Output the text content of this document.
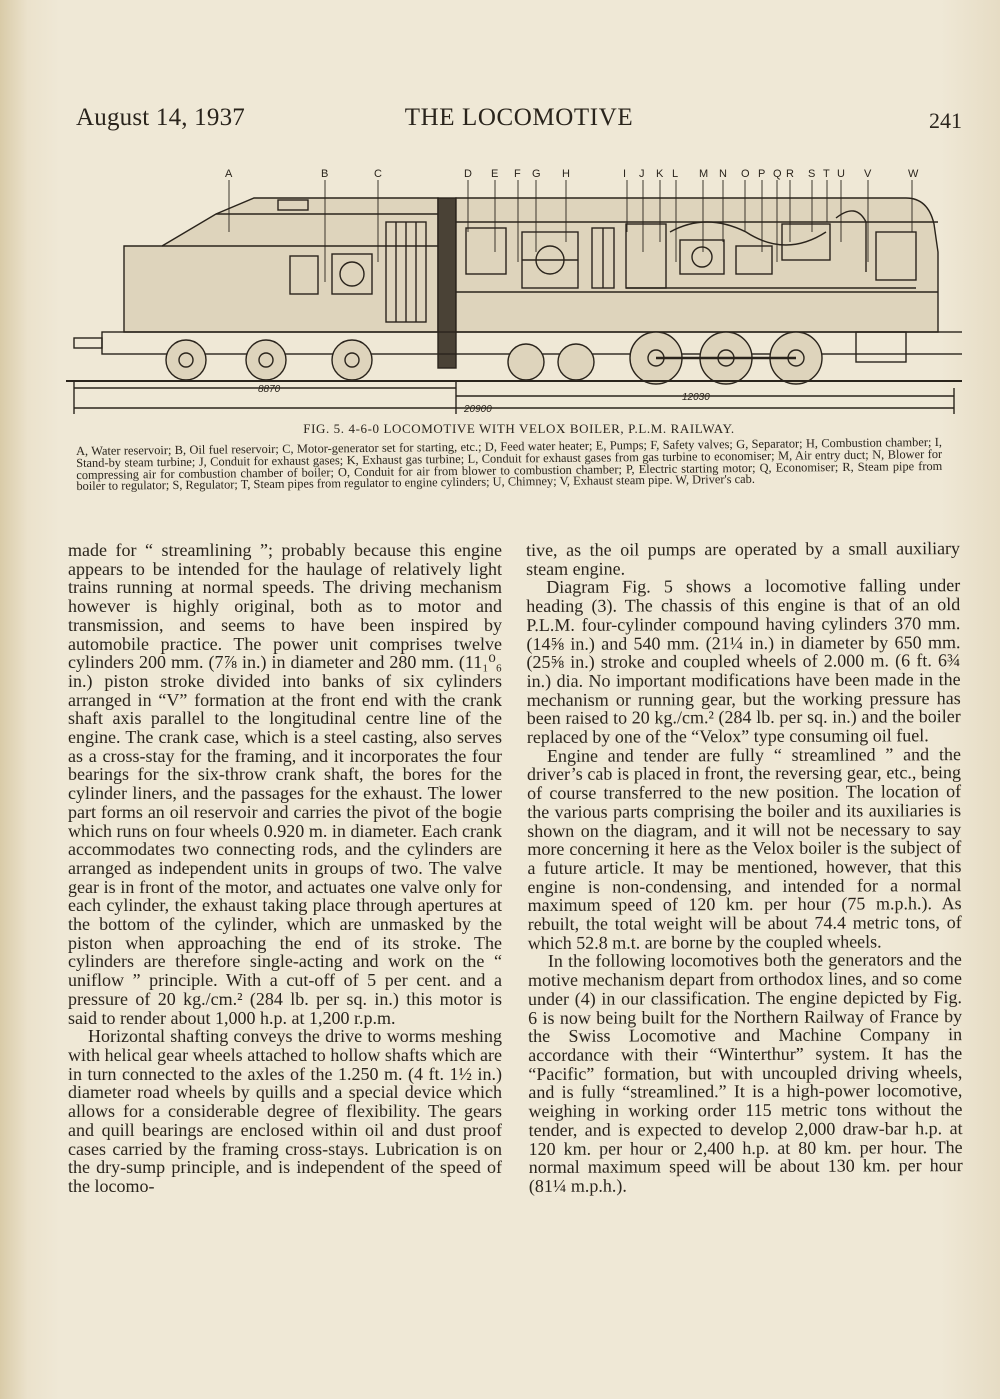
August 14, 1937	THE LOCOMOTIVE	241
A	B	C	D E F G H	I J K L M N O P Q R S T U V	W
8870
12030
20900
FIG. 5. 4-6-0 LOCOMOTIVE WITH VELOX BOILER, P.L.M. RAILWAY.
A, Water reservoir; B, Oil fuel reservoir; C, Motor-generator set for starting, etc.; D, Feed water heater; E, Pumps; F, Safety valves; G, Separator; H, Combustion chamber; I, Stand-by steam turbine; J, Conduit for exhaust gases; K, Exhaust gas turbine; L, Conduit for exhaust gases from gas turbine to economiser; M, Air entry duct; N, Blower for compressing air for combustion chamber of boiler; O, Conduit for air from blower to combustion chamber; P, Electric starting motor; Q, Economiser; R, Steam pipe from boiler to regulator; S, Regulator; T, Steam pipes from regulator to engine cylinders; U, Chimney; V, Exhaust steam pipe. W, Driver's cab.

made for “ streamlining ”; probably because this engine appears to be intended for the haulage of relatively light trains running at normal speeds. The driving mechanism however is highly original, both as to motor and transmission, and seems to have been inspired by automobile practice. The power unit comprises twelve cylinders 200 mm. (7⅞ in.) in diameter and 280 mm. (11₁⁰₆ in.) piston stroke divided into banks of six cylinders arranged in “V” formation at the front end with the crank shaft axis parallel to the longitudinal centre line of the engine. The crank case, which is a steel casting, also serves as a cross-stay for the framing, and it incorporates the four bearings for the six-throw crank shaft, the bores for the cylinder liners, and the passages for the exhaust. The lower part forms an oil reservoir and carries the pivot of the bogie which runs on four wheels 0.920 m. in diameter. Each crank accommodates two connecting rods, and the cylinders are arranged as independent units in groups of two. The valve gear is in front of the motor, and actuates one valve only for each cylinder, the exhaust taking place through apertures at the bottom of the cylinder, which are unmasked by the piston when approaching the end of its stroke. The cylinders are therefore single-acting and work on the “ uniflow ” principle. With a cut-off of 5 per cent. and a pressure of 20 kg./cm.² (284 lb. per sq. in.) this motor is said to render about 1,000 h.p. at 1,200 r.p.m.

Horizontal shafting conveys the drive to worms meshing with helical gear wheels attached to hollow shafts which are in turn connected to the axles of the 1.250 m. (4 ft. 1½ in.) diameter road wheels by quills and a special device which allows for a considerable degree of flexibility. The gears and quill bearings are enclosed within oil and dust proof cases carried by the framing cross-stays. Lubrication is on the dry-sump principle, and is independent of the speed of the locomo-

tive, as the oil pumps are operated by a small auxiliary steam engine.

Diagram Fig. 5 shows a locomotive falling under heading (3). The chassis of this engine is that of an old P.L.M. four-cylinder compound having cylinders 370 mm. (14⅝ in.) and 540 mm. (21¼ in.) in diameter by 650 mm. (25⅝ in.) stroke and coupled wheels of 2.000 m. (6 ft. 6¾ in.) dia. No important modifications have been made in the mechanism or running gear, but the working pressure has been raised to 20 kg./cm.² (284 lb. per sq. in.) and the boiler replaced by one of the “Velox” type consuming oil fuel.

Engine and tender are fully “ streamlined ” and the driver’s cab is placed in front, the reversing gear, etc., being of course transferred to the new position. The location of the various parts comprising the boiler and its auxiliaries is shown on the diagram, and it will not be necessary to say more concerning it here as the Velox boiler is the subject of a future article. It may be mentioned, however, that this engine is non-condensing, and intended for a normal maximum speed of 120 km. per hour (75 m.p.h.). As rebuilt, the total weight will be about 74.4 metric tons, of which 52.8 m.t. are borne by the coupled wheels.

In the following locomotives both the generators and the motive mechanism depart from orthodox lines, and so come under (4) in our classification. The engine depicted by Fig. 6 is now being built for the Northern Railway of France by the Swiss Locomotive and Machine Company in accordance with their “Winterthur” system. It has the “Pacific” formation, but with uncoupled driving wheels, and is fully “streamlined.” It is a high-power locomotive, weighing in working order 115 metric tons without the tender, and is expected to develop 2,000 draw-bar h.p. at 120 km. per hour or 2,400 h.p. at 80 km. per hour. The normal maximum speed will be about 130 km. per hour (81¼ m.p.h.).
